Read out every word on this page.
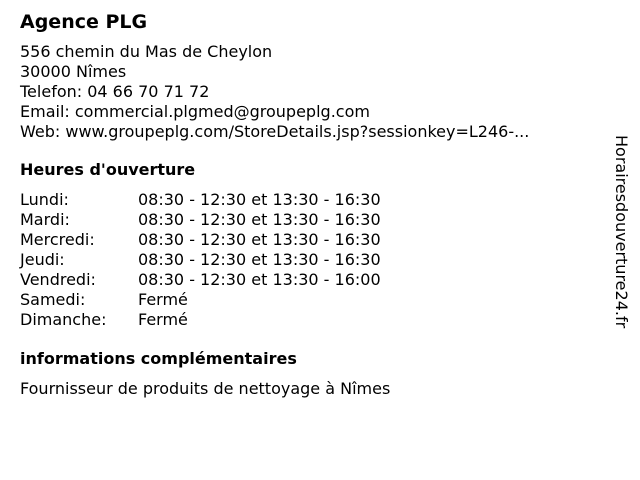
Agence PLG
556 chemin du Mas de Cheylon
30000 Nîmes
Telefon: 04 66 70 71 72
Email: commercial.plgmed@groupeplg.com
Web: www.groupeplg.com/StoreDetails.jsp?sessionkey=L246-...
Heures d'ouverture
Lundi:	08:30 - 12:30 et 13:30 - 16:30
Mardi:	08:30 - 12:30 et 13:30 - 16:30
Mercredi:	08:30 - 12:30 et 13:30 - 16:30
Jeudi:	08:30 - 12:30 et 13:30 - 16:30
Vendredi:	08:30 - 12:30 et 13:30 - 16:00
Samedi:	Fermé
Dimanche:	Fermé
informations complémentaires
Fournisseur de produits de nettoyage à Nîmes
Horairesdouverture24.fr
